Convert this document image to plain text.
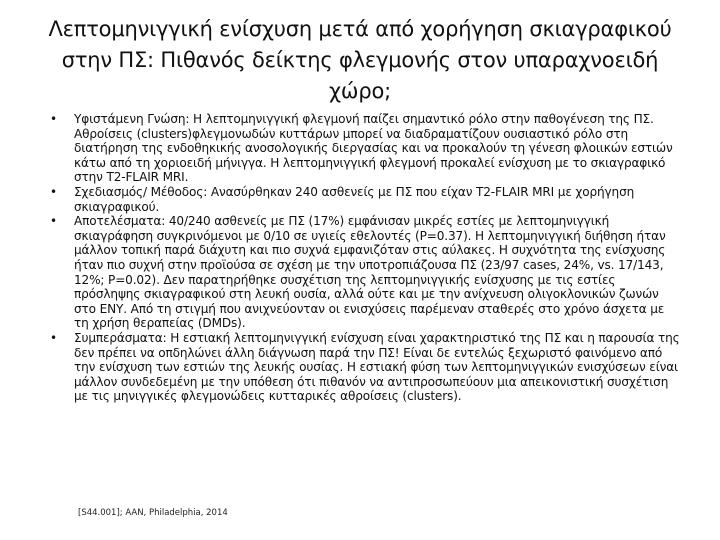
Λεπτομηνιγγική ενίσχυση μετά από χορήγηση σκιαγραφικού στην ΠΣ: Πιθανός δείκτης φλεγμονής στον υπαραχνοειδή χώρο;
• Υφιστάμενη Γνώση: Η λεπτομηνιγγική φλεγμονή παίζει σημαντικό ρόλο στην παθογένεση της ΠΣ. Αθροίσεις (clusters)φλεγμονωδών κυττάρων μπορεί να διαδραματίζουν ουσιαστικό ρόλο στη διατήρηση της ενδοθηκικής ανοσολογικής διεργασίας και να προκαλούν τη γένεση φλοιικών εστιών κάτω από τη χοριοειδή μήνιγγα. Η λεπτομηνιγγική φλεγμονή προκαλεί ενίσχυση με το σκιαγραφικό στην Τ2-FLAIR MRI.
• Σχεδιασμός/ Μέθοδος: Ανασύρθηκαν 240 ασθενείς με ΠΣ που είχαν T2-FLAIR MRI με χορήγηση σκιαγραφικού.
• Αποτελέσματα: 40/240 ασθενείς με ΠΣ (17%) εμφάνισαν μικρές εστίες με λεπτομηνιγγική σκιαγράφηση συγκρινόμενοι με 0/10 σε υγιείς εθελοντές (P=0.37). Η λεπτομηνιγγική διήθηση ήταν μάλλον τοπική παρά διάχυτη και πιο συχνά εμφανιζόταν στις αύλακες. Η συχνότητα της ενίσχυσης ήταν πιο συχνή στην προϊούσα σε σχέση με την υποτροπιάζουσα ΠΣ (23/97 cases, 24%, vs. 17/143, 12%; P=0.02). Δεν παρατηρήθηκε συσχέτιση της λεπτομηνιγγικής ενίσχυσης με τις εστίες πρόσληψης σκιαγραφικού στη λευκή ουσία, αλλά ούτε και με την ανίχνευση ολιγοκλονικών ζωνών στο ΕΝΥ. Από τη στιγμή που ανιχνεύονταν οι ενισχύσεις παρέμεναν σταθερές στο χρόνο άσχετα με τη χρήση θεραπείας (DMDs).
• Συμπεράσματα: Η εστιακή λεπτομηνιγγική ενίσχυση είναι χαρακτηριστικό της ΠΣ και η παρουσία της δεν πρέπει να οπδηλώνει άλλη διάγνωση παρά την ΠΣ! Είναι δε εντελώς ξεχωριστό φαινόμενο από την ενίσχυση των εστιών της λευκής ουσίας. Η εστιακή φύση των λεπτομηνιγγικών ενισχύσεων είναι μάλλον συνδεδεμένη με την υπόθεση ότι πιθανόν να αντιπροσωπεύουν μια απεικονιστική συσχέτιση με τις μηνιγγικές φλεγμονώδεις κυτταρικές αθροίσεις (clusters).
[S44.001]; AAN, Philadelphia, 2014
